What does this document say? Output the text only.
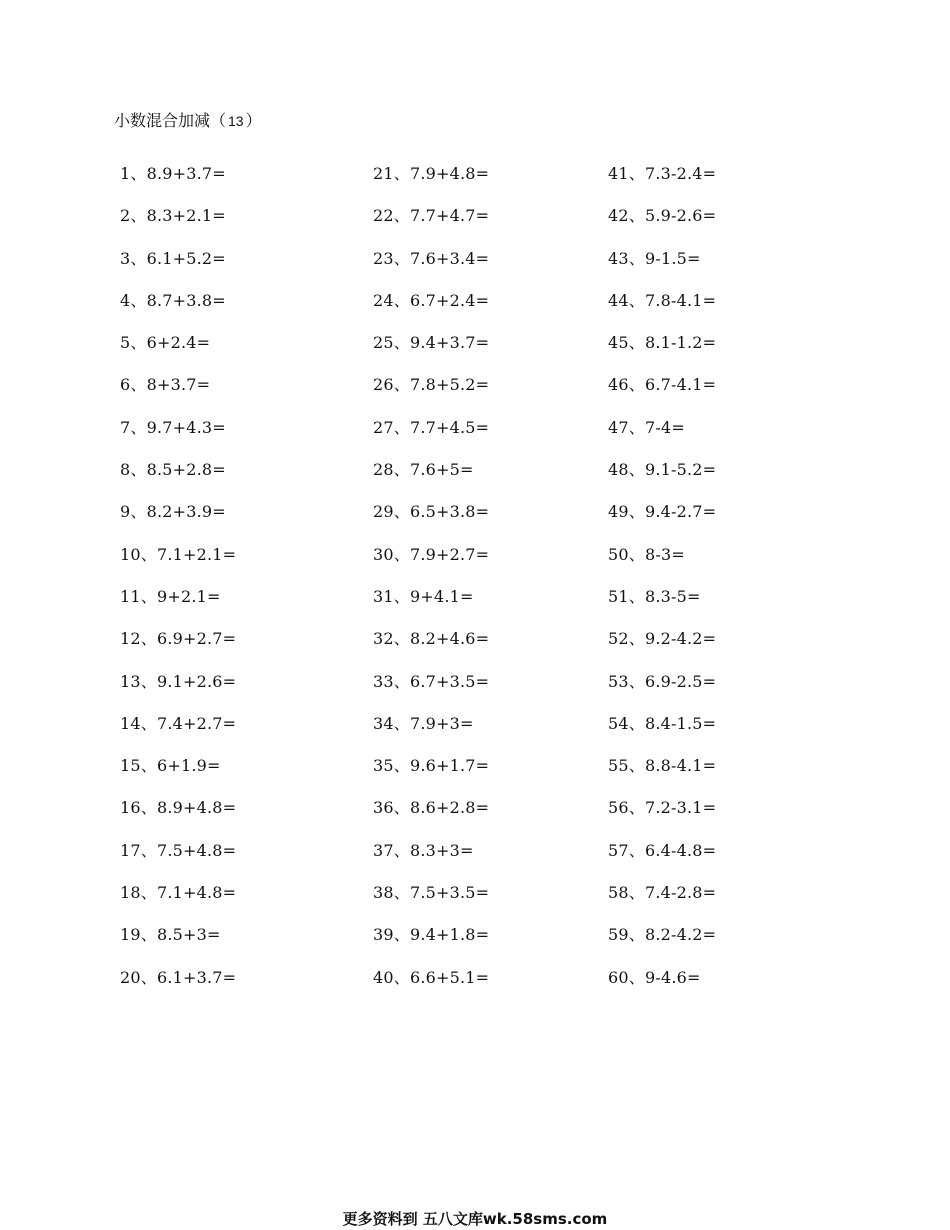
小数混合加减（ 13 ）
1、8.9+3.7=
2、8.3+2.1=
3、6.1+5.2=
4、8.7+3.8=
5、6+2.4=
6、8+3.7=
7、9.7+4.3=
8、8.5+2.8=
9、8.2+3.9=
10、7.1+2.1=
11、9+2.1=
12、6.9+2.7=
13、9.1+2.6=
14、7.4+2.7=
15、6+1.9=
16、8.9+4.8=
17、7.5+4.8=
18、7.1+4.8=
19、8.5+3=
20、6.1+3.7=
21、7.9+4.8=
22、7.7+4.7=
23、7.6+3.4=
24、6.7+2.4=
25、9.4+3.7=
26、7.8+5.2=
27、7.7+4.5=
28、7.6+5=
29、6.5+3.8=
30、7.9+2.7=
31、9+4.1=
32、8.2+4.6=
33、6.7+3.5=
34、7.9+3=
35、9.6+1.7=
36、8.6+2.8=
37、8.3+3=
38、7.5+3.5=
39、9.4+1.8=
40、6.6+5.1=
41、7.3-2.4=
42、5.9-2.6=
43、9-1.5=
44、7.8-4.1=
45、8.1-1.2=
46、6.7-4.1=
47、7-4=
48、9.1-5.2=
49、9.4-2.7=
50、8-3=
51、8.3-5=
52、9.2-4.2=
53、6.9-2.5=
54、8.4-1.5=
55、8.8-4.1=
56、7.2-3.1=
57、6.4-4.8=
58、7.4-2.8=
59、8.2-4.2=
60、9-4.6=
更多资料到 五八文库wk.58sms.com
